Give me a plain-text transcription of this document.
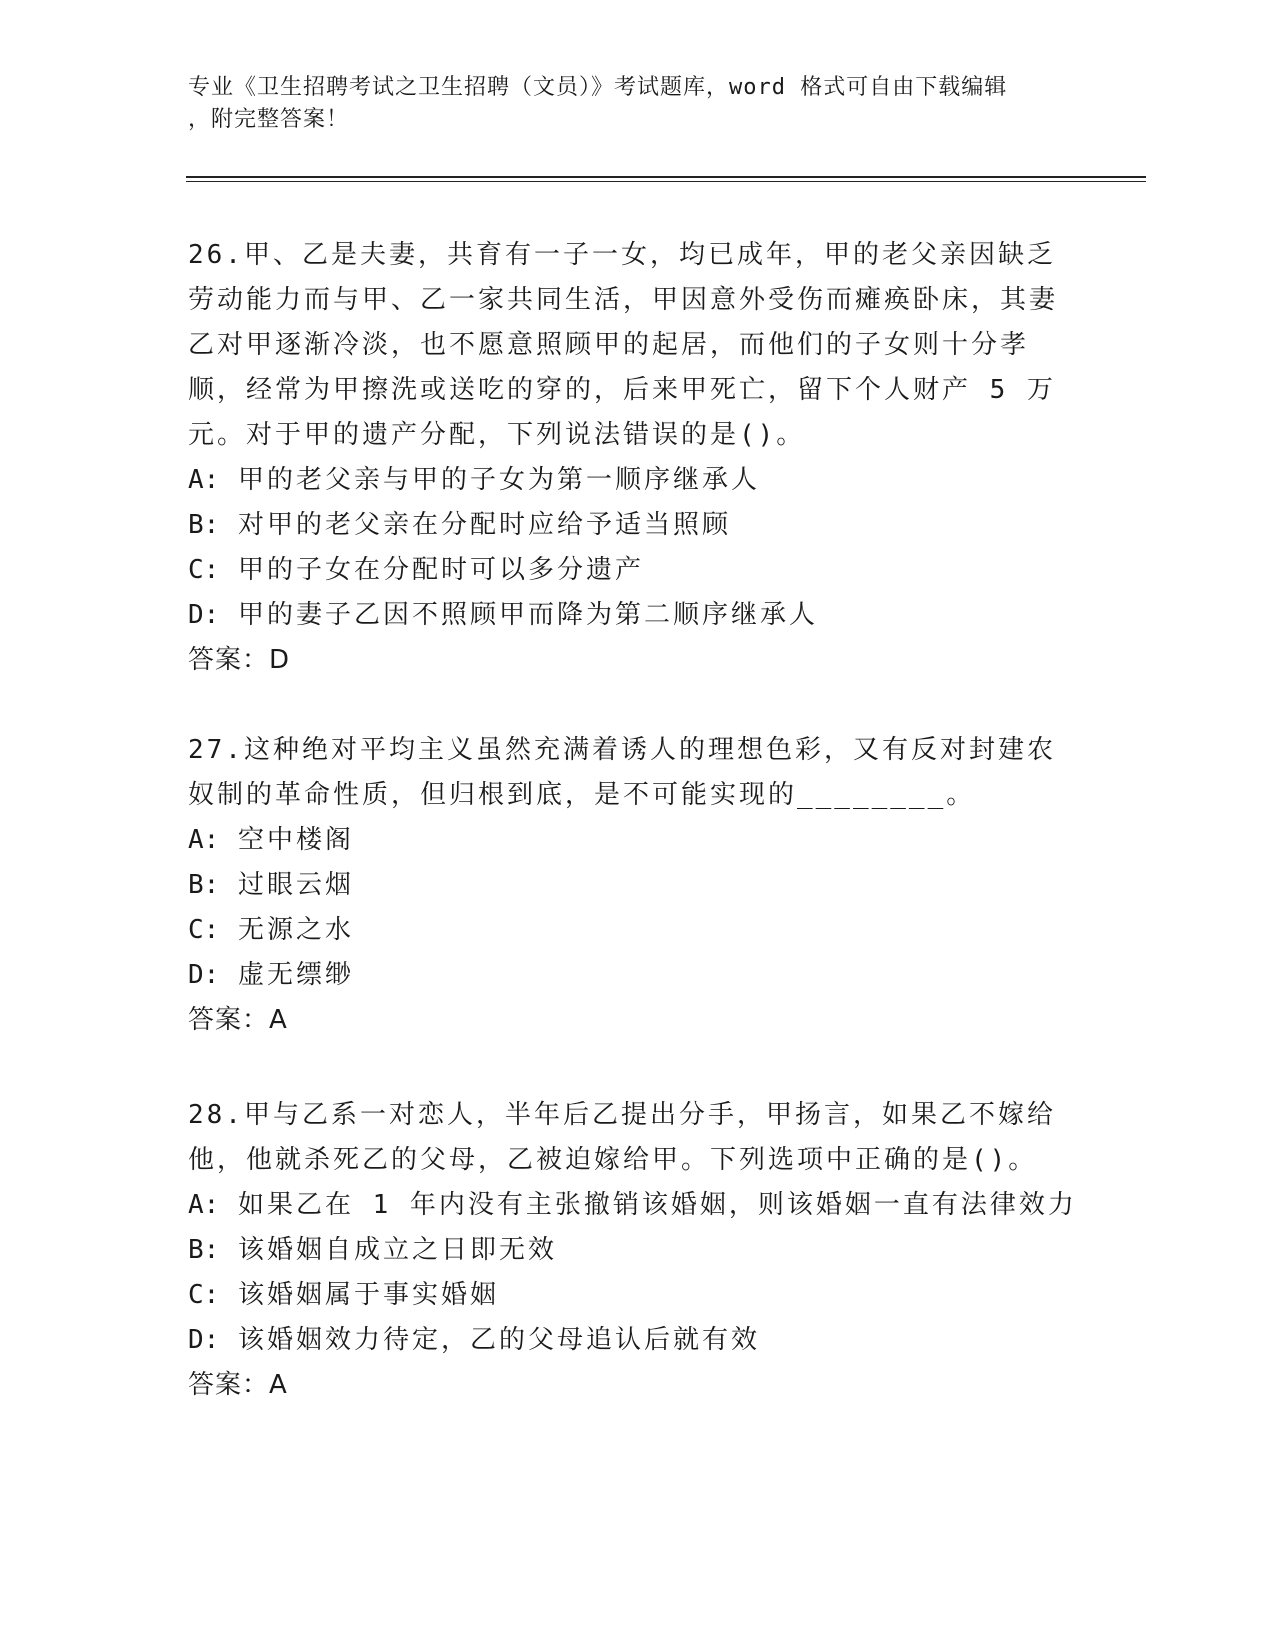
专业《卫生招聘考试之卫生招聘（文员）》考试题库，word 格式可自由下载编辑
，附完整答案！

26.甲、乙是夫妻，共育有一子一女，均已成年，甲的老父亲因缺乏劳动能力而与甲、乙一家共同生活，甲因意外受伤而瘫痪卧床，其妻乙对甲逐渐冷淡，也不愿意照顾甲的起居，而他们的子女则十分孝顺，经常为甲擦洗或送吃的穿的，后来甲死亡，留下个人财产 5 万元。对于甲的遗产分配，下列说法错误的是()。

A: 甲的老父亲与甲的子女为第一顺序继承人

B: 对甲的老父亲在分配时应给予适当照顾

C: 甲的子女在分配时可以多分遗产

D: 甲的妻子乙因不照顾甲而降为第二顺序继承人

答案：D

27.这种绝对平均主义虽然充满着诱人的理想色彩，又有反对封建农奴制的革命性质，但归根到底，是不可能实现的________。

A: 空中楼阁

B: 过眼云烟

C: 无源之水

D: 虚无缥缈

答案：A

28.甲与乙系一对恋人，半年后乙提出分手，甲扬言，如果乙不嫁给他，他就杀死乙的父母，乙被迫嫁给甲。下列选项中正确的是()。

A: 如果乙在 1 年内没有主张撤销该婚姻，则该婚姻一直有法律效力

B: 该婚姻自成立之日即无效

C: 该婚姻属于事实婚姻

D: 该婚姻效力待定，乙的父母追认后就有效

答案：A
